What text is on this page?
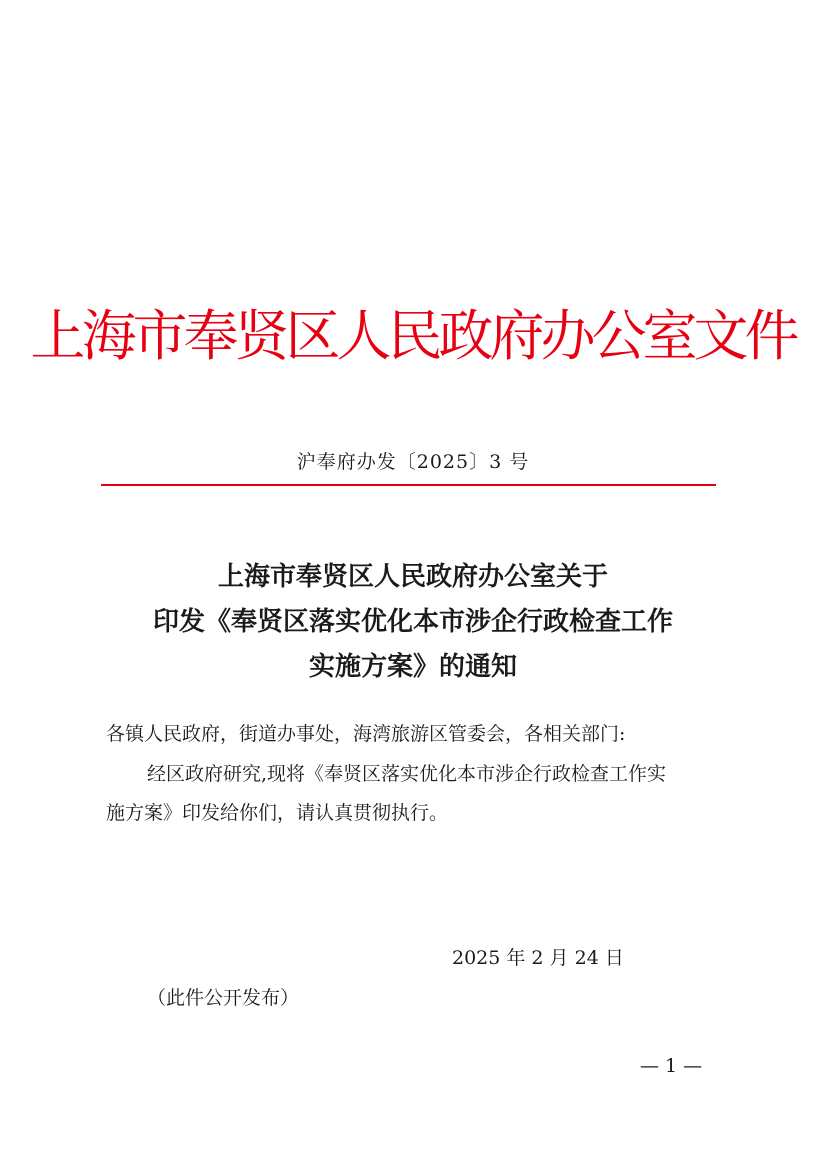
上海市奉贤区人民政府办公室文件
沪奉府办发〔2025〕3 号
上海市奉贤区人民政府办公室关于
印发《奉贤区落实优化本市涉企行政检查工作
实施方案》的通知
各镇人民政府，街道办事处，海湾旅游区管委会，各相关部门:
经区政府研究,现将《奉贤区落实优化本市涉企行政检查工作实
施方案》印发给你们，请认真贯彻执行。
2025 年 2 月 24 日
（此件公开发布）
— 1 —
